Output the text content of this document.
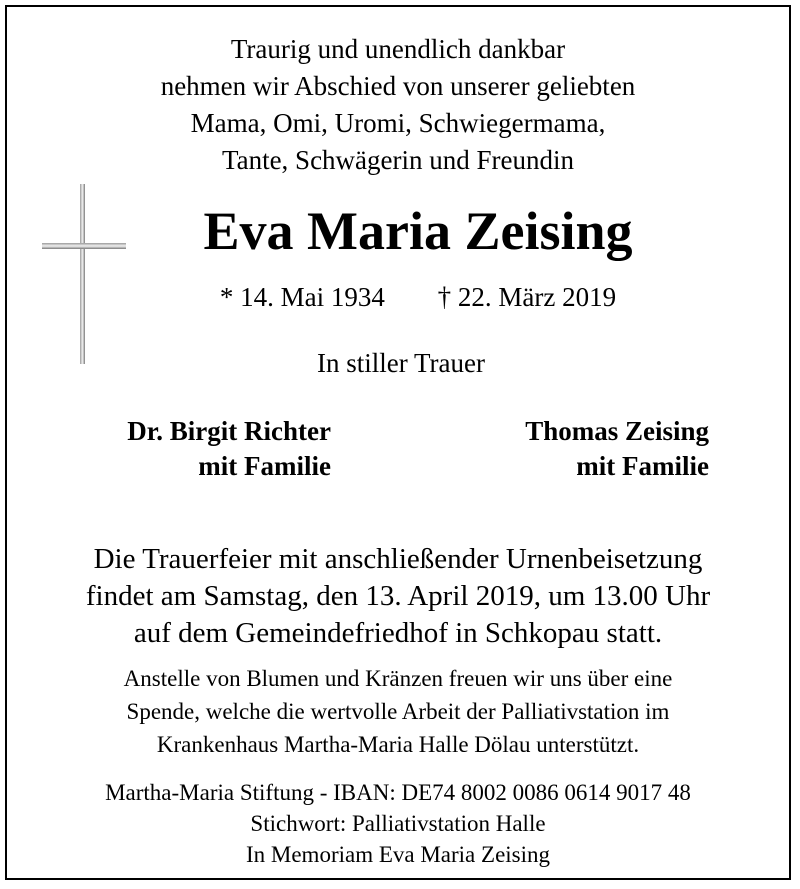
Traurig und unendlich dankbar
nehmen wir Abschied von unserer geliebten
Mama, Omi, Uromi, Schwiegermama,
Tante, Schwägerin und Freundin
Eva Maria Zeising
* 14. Mai 1934 † 22. März 2019
In stiller Trauer
Dr. Birgit Richter
mit Familie
Thomas Zeising
mit Familie
Die Trauerfeier mit anschließender Urnenbeisetzung
findet am Samstag, den 13. April 2019, um 13.00 Uhr
auf dem Gemeindefriedhof in Schkopau statt.
Anstelle von Blumen und Kränzen freuen wir uns über eine
Spende, welche die wertvolle Arbeit der Palliativstation im
Krankenhaus Martha-Maria Halle Dölau unterstützt.
Martha-Maria Stiftung - IBAN: DE74 8002 0086 0614 9017 48
Stichwort: Palliativstation Halle
In Memoriam Eva Maria Zeising
